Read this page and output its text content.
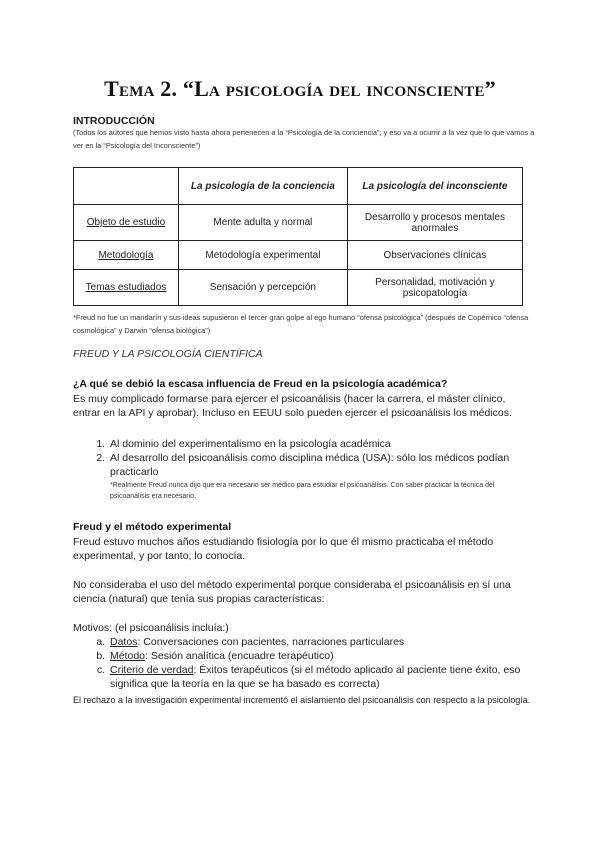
Tema 2. “La psicología del inconsciente”
INTRODUCCIÓN
(Todos los autores que hemos visto hasta ahora pertenecen a la “Psicología de la conciencia”; y eso va a ocurrir a la vez que lo que vamos a ver en la “Psicología del Inconsciente”)
	La psicología de la conciencia	La psicología del inconsciente
Objeto de estudio	Mente adulta y normal	Desarrollo y procesos mentales anormales
Metodología	Metodología experimental	Observaciones clínicas
Temas estudiados	Sensación y percepción	Personalidad, motivación y psicopatología
*Freud no fue un mandarín y sus ideas supusieron el tercer gran golpe al ego humano “ofensa psicológica” (después de Copérnico “ofensa cosmológica” y Darwin “ofensa biológica”)
FREUD Y LA PSICOLOGÍA CIENTÍFICA
¿A qué se debió la escasa influencia de Freud en la psicología académica?
Es muy complicado formarse para ejercer el psicoanálisis (hacer la carrera, el máster clínico, entrar en la API y aprobar). Incluso en EEUU solo pueden ejercer el psicoanálisis los médicos.
1. Al dominio del experimentalismo en la psicología académica
2. Al desarrollo del psicoanálisis como disciplina médica (USA): sólo los médicos podían practicarlo
*Realmente Freud nunca dijo que era necesario ser médico para estudiar el psicoanálisis. Con saber practicar la técnica del psicoanálisis era necesario.
Freud y el método experimental
Freud estuvo muchos años estudiando fisiología por lo que él mismo practicaba el método experimental, y por tanto, lo conocía.
No consideraba el uso del método experimental porque consideraba el psicoanálisis en sí una ciencia (natural) que tenía sus propias características:
Motivos: (el psicoanálisis incluía:)
a. Datos: Conversaciones con pacientes, narraciones particulares
b. Método: Sesión analítica (encuadre terapéutico)
c. Criterio de verdad: Éxitos terapéuticos (si el método aplicado al paciente tiene éxito, eso significa que la teoría en la que se ha basado es correcta)
El rechazo a la investigación experimental incrementó el aislamiento del psicoanálisis con respecto a la psicología.
